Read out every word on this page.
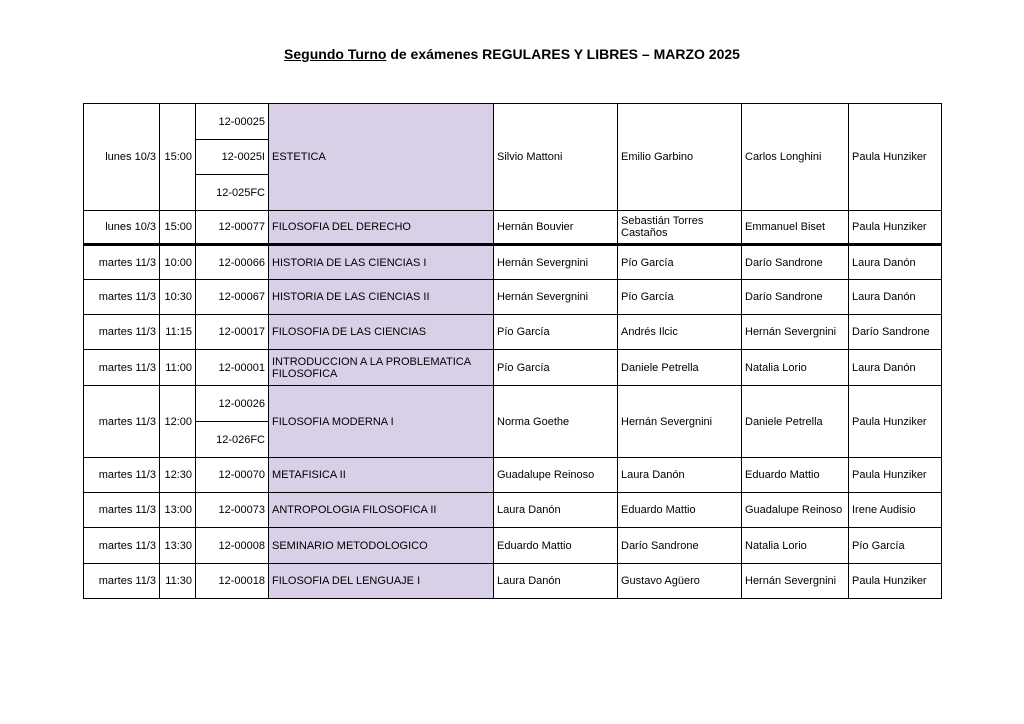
Segundo Turno de exámenes REGULARES Y LIBRES – MARZO 2025
lunes 10/3	15:00	12-00025	ESTETICA	Silvio Mattoni	Emilio Garbino	Carlos Longhini	Paula Hunziker
		12-0025I					
		12-025FC					
lunes 10/3	15:00	12-00077	FILOSOFIA DEL DERECHO	Hernán Bouvier	Sebastián Torres Castaños	Emmanuel Biset	Paula Hunziker
martes 11/3	10:00	12-00066	HISTORIA DE LAS CIENCIAS I	Hernán Severgnini	Pío García	Darío Sandrone	Laura Danón
martes 11/3	10:30	12-00067	HISTORIA DE LAS CIENCIAS II	Hernán Severgnini	Pío García	Darío Sandrone	Laura Danón
martes 11/3	11:15	12-00017	FILOSOFIA DE LAS CIENCIAS	Pío García	Andrés Ilcic	Hernán Severgnini	Darío Sandrone
martes 11/3	11:00	12-00001	INTRODUCCION A LA PROBLEMATICA FILOSOFICA	Pío García	Daniele Petrella	Natalia Lorio	Laura Danón
martes 11/3	12:00	12-00026	FILOSOFIA MODERNA I	Norma Goethe	Hernán Severgnini	Daniele Petrella	Paula Hunziker
		12-026FC					
martes 11/3	12:30	12-00070	METAFISICA II	Guadalupe Reinoso	Laura Danón	Eduardo Mattio	Paula Hunziker
martes 11/3	13:00	12-00073	ANTROPOLOGIA FILOSOFICA II	Laura Danón	Eduardo Mattio	Guadalupe Reinoso	Irene Audisio
martes 11/3	13:30	12-00008	SEMINARIO METODOLOGICO	Eduardo Mattio	Darío Sandrone	Natalia Lorio	Pío García
martes 11/3	11:30	12-00018	FILOSOFIA DEL LENGUAJE I	Laura Danón	Gustavo Agüero	Hernán Severgnini	Paula Hunziker
